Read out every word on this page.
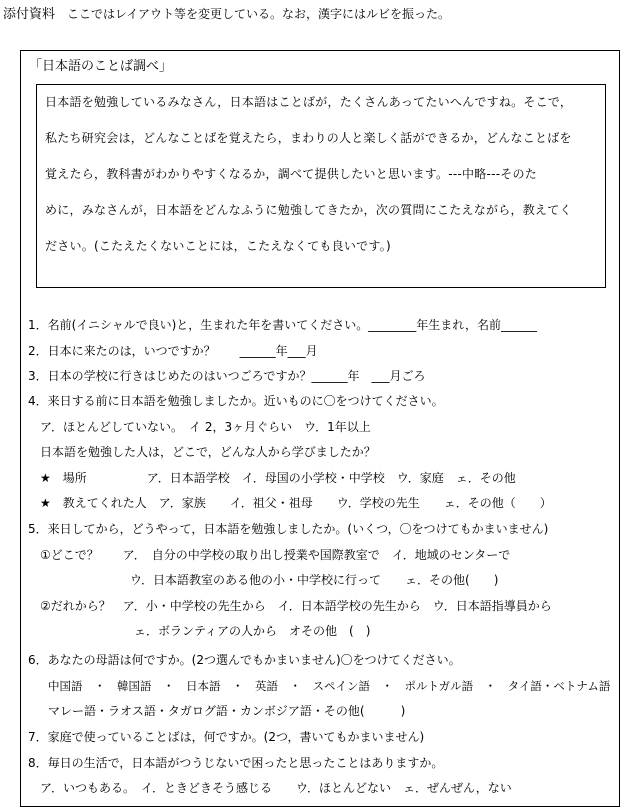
添付資料 ここではレイアウト等を変更している。なお，漢字にはルビを振った。
「日本語のことば調べ」

日本語を勉強しているみなさん，日本語はことばが，たくさんあってたいへんですね。そこで，

私たち研究会は，どんなことばを覚えたら，まわりの人と楽しく話ができるか，どんなことばを

覚えたら，教科書がわかりやすくなるか，調べて提供したいと思います。---中略---そのた

めに，みなさんが，日本語をどんなふうに勉強してきたか，次の質問にこたえながら，教えてく

ださい。(こたえたくないことには，こたえなくても良いです。)

1．名前(イニシャルで良い)と，生まれた年を書いてください。________年生まれ，名前______

2．日本に来たのは，いつですか？　　______年___月

3．日本の学校に行きはじめたのはいつごろですか？______年　___月ごろ

4．来日する前に日本語を勉強しましたか。近いものに〇をつけてください。

ア．ほとんどしていない。　イ 2，3ヶ月ぐらい　ウ．1年以上

日本語を勉強した人は，どこで，どんな人から学びましたか？

★　場所　　　　　ア．日本語学校　イ．母国の小学校・中学校　ウ．家庭　ェ．その他

★　教えてくれた人　ア．家族　　イ．祖父・祖母　　ウ．学校の先生　　ェ．その他（　　）

5．来日してから，どうやって，日本語を勉強しましたか。(いくつ，〇をつけてもかまいません)

①どこで？　　ア．　自分の中学校の取り出し授業や国際教室で　イ．地域のセンターで

ウ．日本語教室のある他の小・中学校に行って　　ェ．その他(　　)

②だれから？　ア．小・中学校の先生から　イ．日本語学校の先生から　ウ．日本語指導員から

ェ．ボランティアの人から　オその他　(　)

6．あなたの母語は何ですか。(2つ選んでもかまいません)〇をつけてください。

中国語　・　韓国語　・　日本語　・　英語　・　スペイン語　・　ポルトガル語　・　タイ語・ベトナム語

マレー語・ラオス語・タガログ語・カンボジア語・その他(　　　)

7．家庭で使っていることばは，何ですか。(2つ，書いてもかまいません)

8．毎日の生活で，日本語がつうじないで困ったと思ったことはありますか。

ア．いつもある。　イ．ときどきそう感じる　　ウ．ほとんどない　ェ．ぜんぜん，ない
